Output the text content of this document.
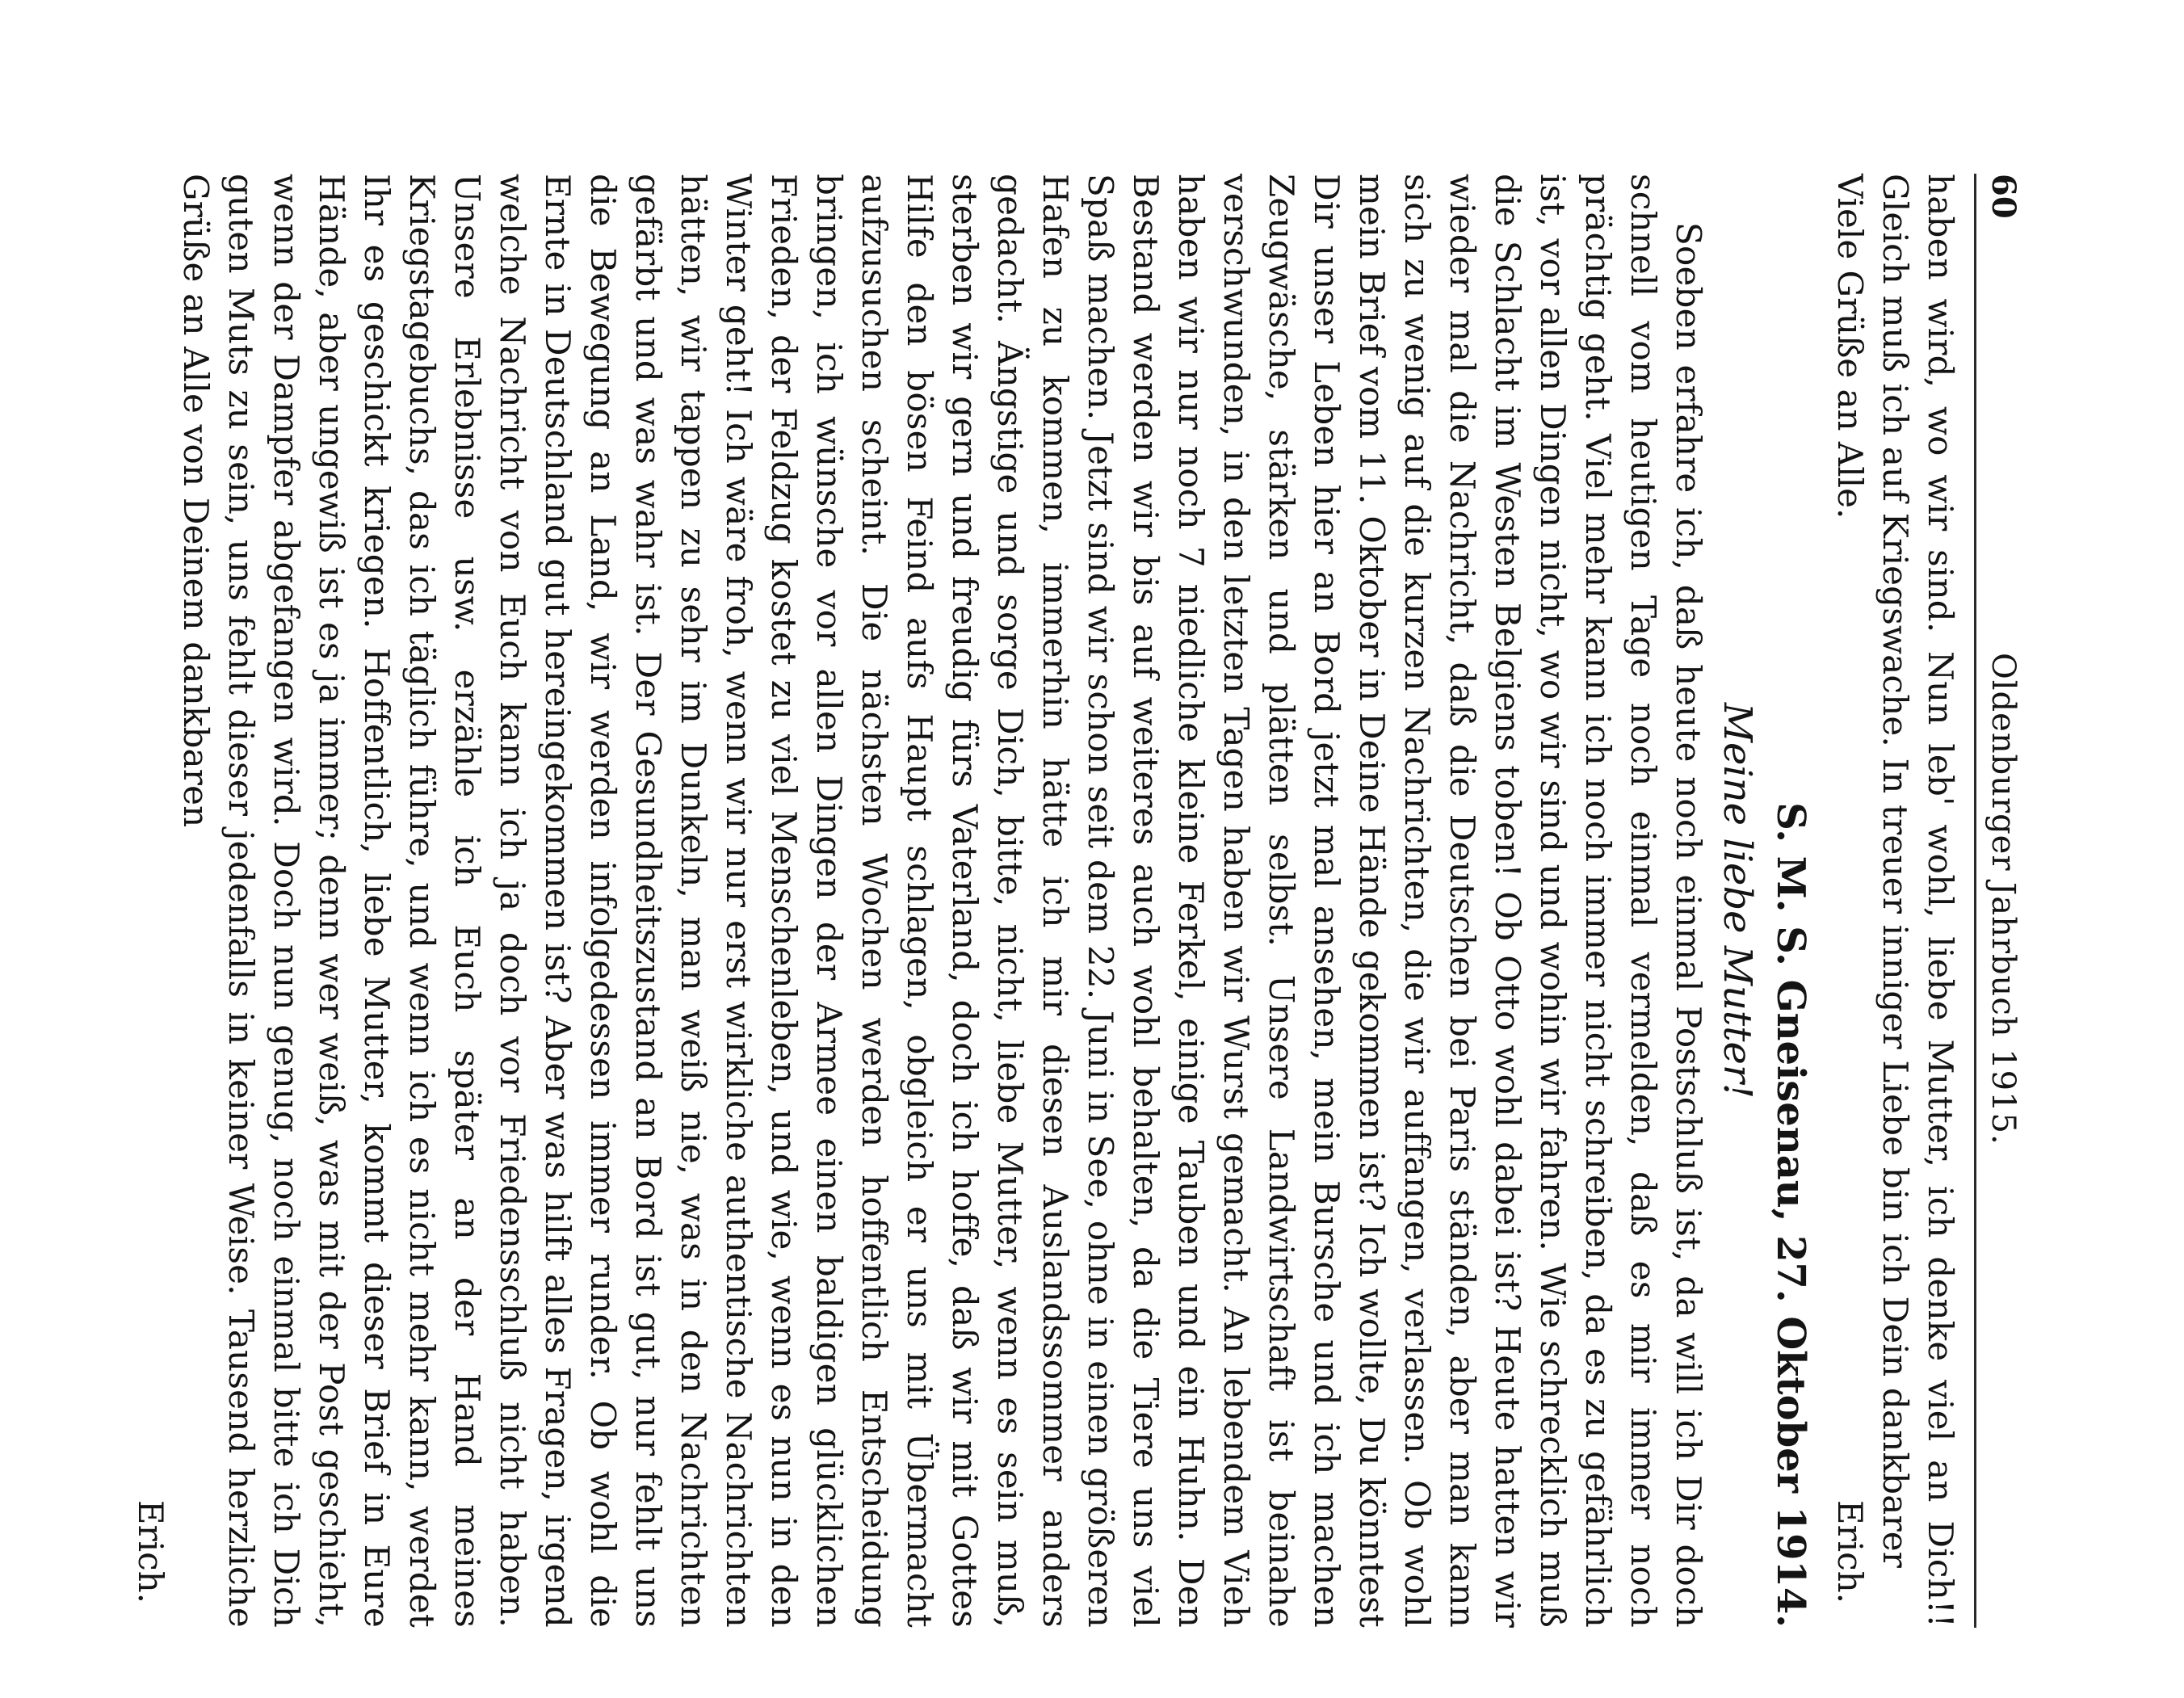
60
Oldenburger Jahrbuch 1915.

haben wird, wo wir sind. Nun leb' wohl, liebe Mutter, ich denke viel an Dich!! Gleich muß ich auf Kriegswache. In treuer inniger Liebe bin ich Dein dankbarer

Viele Grüße an Alle.
Erich.
S. M. S. Gneisenau, 27. Oktober 1914.
Meine liebe Mutter!

Soeben erfahre ich, daß heute noch einmal Postschluß ist, da will ich Dir doch schnell vom heutigen Tage noch einmal vermelden, daß es mir immer noch prächtig geht. Viel mehr kann ich noch immer nicht schreiben, da es zu gefährlich ist, vor allen Dingen nicht, wo wir sind und wohin wir fahren. Wie schrecklich muß die Schlacht im Westen Belgiens toben! Ob Otto wohl dabei ist? Heute hatten wir wieder mal die Nachricht, daß die Deutschen bei Paris ständen, aber man kann sich zu wenig auf die kurzen Nachrichten, die wir auffangen, verlassen. Ob wohl mein Brief vom 11. Oktober in Deine Hände gekommen ist? Ich wollte, Du könntest Dir unser Leben hier an Bord jetzt mal ansehen, mein Bursche und ich machen Zeugwäsche, stärken und plätten selbst. Unsere Landwirtschaft ist beinahe verschwunden, in den letzten Tagen haben wir Wurst gemacht. An lebendem Vieh haben wir nur noch 7 niedliche kleine Ferkel, einige Tauben und ein Huhn. Den Bestand werden wir bis auf weiteres auch wohl behalten, da die Tiere uns viel Spaß machen. Jetzt sind wir schon seit dem 22. Juni in See, ohne in einen größeren Hafen zu kommen, immerhin hätte ich mir diesen Auslandssommer anders gedacht. Ängstige und sorge Dich, bitte, nicht, liebe Mutter, wenn es sein muß, sterben wir gern und freudig fürs Vaterland, doch ich hoffe, daß wir mit Gottes Hilfe den bösen Feind aufs Haupt schlagen, obgleich er uns mit Übermacht aufzusuchen scheint. Die nächsten Wochen werden hoffentlich Entscheidung bringen, ich wünsche vor allen Dingen der Armee einen baldigen glücklichen Frieden, der Feldzug kostet zu viel Menschenleben, und wie, wenn es nun in den Winter geht! Ich wäre froh, wenn wir nur erst wirkliche authentische Nachrichten hätten, wir tappen zu sehr im Dunkeln, man weiß nie, was in den Nachrichten gefärbt und was wahr ist. Der Gesundheitszustand an Bord ist gut, nur fehlt uns die Bewegung an Land, wir werden infolgedessen immer runder. Ob wohl die Ernte in Deutschland gut hereingekommen ist? Aber was hilft alles Fragen, irgend welche Nachricht von Euch kann ich ja doch vor Friedensschluß nicht haben. Unsere Erlebnisse usw. erzähle ich Euch später an der Hand meines Kriegstagebuchs, das ich täglich führe, und wenn ich es nicht mehr kann, werdet Ihr es geschickt kriegen. Hoffentlich, liebe Mutter, kommt dieser Brief in Eure Hände, aber ungewiß ist es ja immer; denn wer weiß, was mit der Post geschieht, wenn der Dampfer abgefangen wird. Doch nun genug, noch einmal bitte ich Dich guten Muts zu sein, uns fehlt dieser jedenfalls in keiner Weise. Tausend herzliche Grüße an Alle von Deinem dankbaren

Erich.
